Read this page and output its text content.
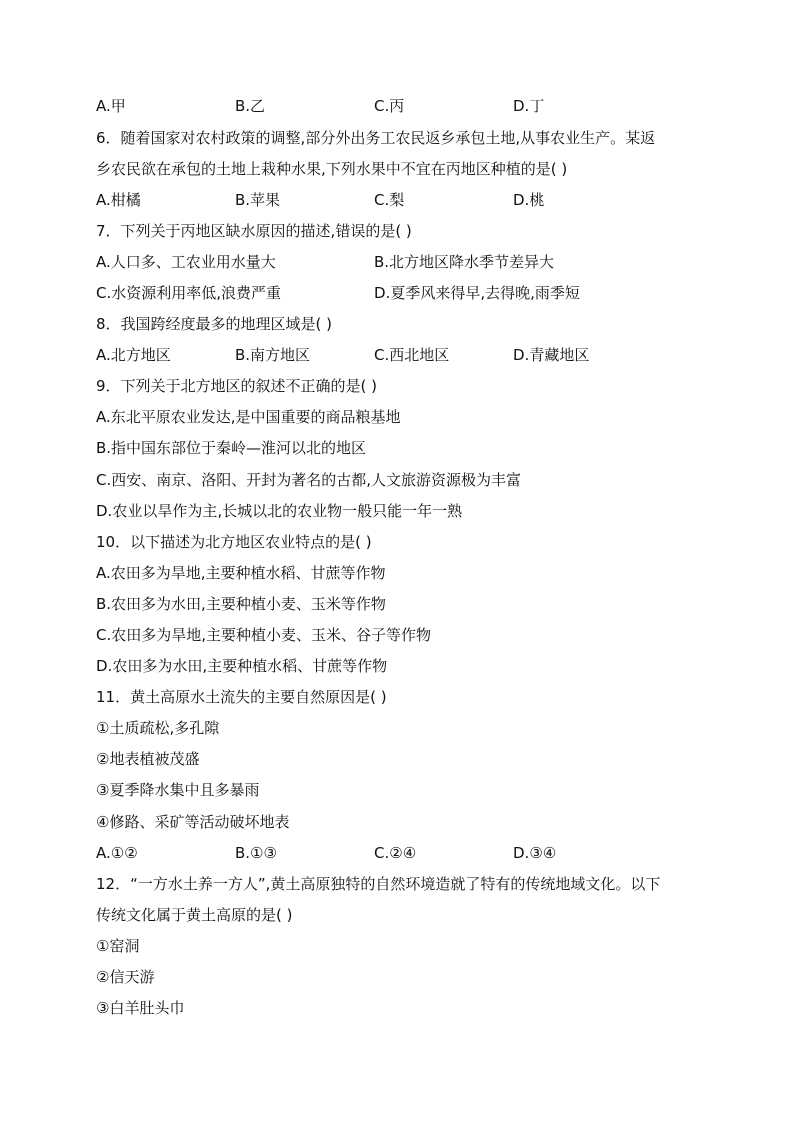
A.甲	B.乙	C.丙	D.丁
6．随着国家对农村政策的调整,部分外出务工农民返乡承包土地,从事农业生产。某返
乡农民欲在承包的土地上栽种水果,下列水果中不宜在丙地区种植的是( )
A.柑橘	B.苹果	C.梨	D.桃
7．下列关于丙地区缺水原因的描述,错误的是( )
A.人口多、工农业用水量大	B.北方地区降水季节差异大
C.水资源利用率低,浪费严重	D.夏季风来得早,去得晚,雨季短
8．我国跨经度最多的地理区域是( )
A.北方地区	B.南方地区	C.西北地区	D.青藏地区
9．下列关于北方地区的叙述不正确的是( )
A.东北平原农业发达,是中国重要的商品粮基地
B.指中国东部位于秦岭—淮河以北的地区
C.西安、南京、洛阳、开封为著名的古都,人文旅游资源极为丰富
D.农业以旱作为主,长城以北的农业物一般只能一年一熟
10．以下描述为北方地区农业特点的是( )
A.农田多为旱地,主要种植水稻、甘蔗等作物
B.农田多为水田,主要种植小麦、玉米等作物
C.农田多为旱地,主要种植小麦、玉米、谷子等作物
D.农田多为水田,主要种植水稻、甘蔗等作物
11．黄土高原水土流失的主要自然原因是( )
①土质疏松,多孔隙
②地表植被茂盛
③夏季降水集中且多暴雨
④修路、采矿等活动破坏地表
A.①②	B.①③	C.②④	D.③④
12．“一方水土养一方人”,黄土高原独特的自然环境造就了特有的传统地域文化。以下
传统文化属于黄土高原的是( )
①窑洞
②信天游
③白羊肚头巾
